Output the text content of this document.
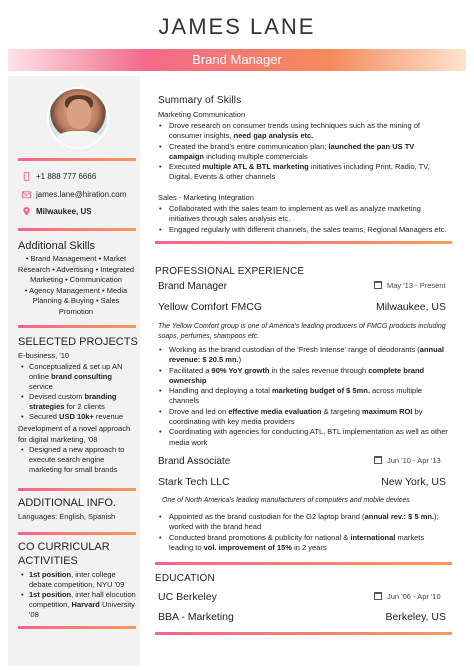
JAMES LANE
Brand Manager
+1 888 777 6666
james.lane@hiration.com
Milwaukee, US
Additional Skills
• Brand Management • Market
Research • Advertising • Integrated
Marketing • Communication
• Agency Management • Media
Planning & Buying • Sales
Promotion
SELECTED PROJECTS
E-business, '10
• Conceptualized & set up AN online brand consulting service
• Devised custom branding strategies for 2 clients
• Secured USD 10k+ revenue
Development of a novel approach for digital marketing, '08
• Designed a new approach to execute search engine marketing for small brands
ADDITIONAL INFO.
Languages: English, Spanish
CO CURRICULAR
ACTIVITIES
• 1st position, inter college debate competition, NYU '09
• 1st position, inter hall elocution competition, Harvard University '08
Summary of Skills
Marketing Communication
• Drove research on consumer trends using techniques such as the mining of consumer insights, need gap analysis etc.
• Created the brand's entire communication plan; launched the pan US TV campaign including multiple commercials
• Executed multiple ATL & BTL marketing initiatives including Print, Radio, TV, Digital, Events & other channels
Sales - Marketing Integration
• Collaborated with the sales team to implement as well as analyze marketing initiatives through sales analysis etc.
• Engaged regularly with different channels, the sales teams, Regional Managers etc.
PROFESSIONAL EXPERIENCE
Brand Manager	May '13 - Present
Yellow Comfort FMCG	Milwaukee, US
The Yellow Comfort group is one of America's leading producers of FMCG products including soaps, perfumes, shampoos etc.
• Working as the brand custodian of the 'Fresh Intense' range of deodorants (annual revenue: $ 20.5 mn.)
• Facilitated a 90% YoY growth in the sales revenue through complete brand ownership
• Handling and deploying a total marketing budget of $ 5mn. across multiple channels
• Drove and led on effective media evaluation & targeting maximum ROI by coordinating with key media providers
• Coordinating with agencies for conducting ATL, BTL implementation as well as other media work
Brand Associate	Jun '10 - Apr '13
Stark Tech LLC	New York, US
One of North America's leading manufacturers of computers and mobile devices
• Appointed as the brand custodian for the G2 laptop brand (annual rev.: $ 5 mn.); worked with the brand head
• Conducted brand promotions & publicity for national & international markets leading to vol. improvement of 15% in 2 years
EDUCATION
UC Berkeley	Jun '06 - Apr '10
BBA - Marketing	Berkeley, US
